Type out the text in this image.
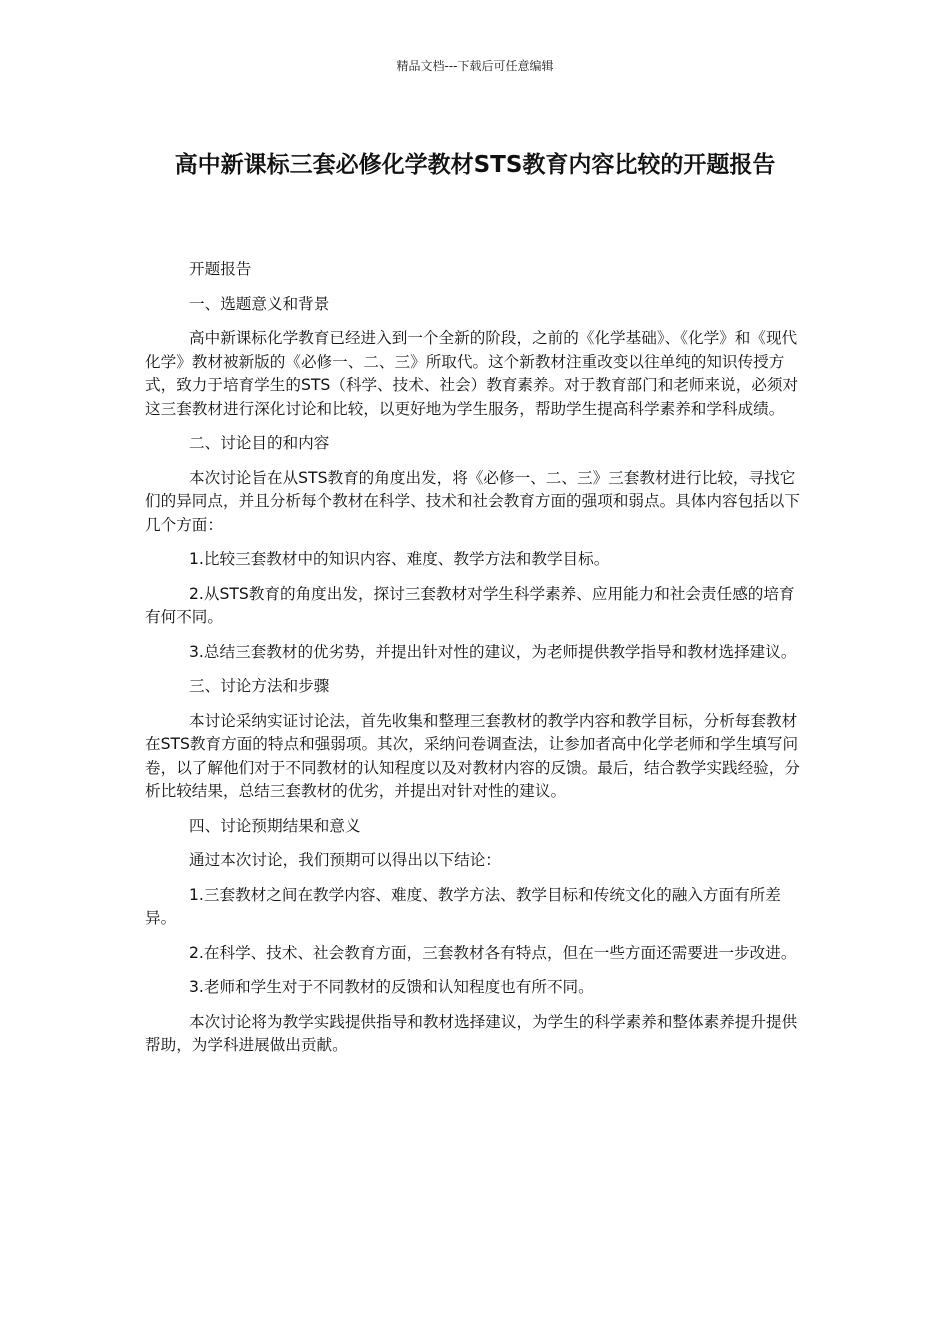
精品文档---下载后可任意编辑
高中新课标三套必修化学教材STS教育内容比较的开题报告

开题报告

一、选题意义和背景

高中新课标化学教育已经进入到一个全新的阶段，之前的《化学基础》、《化学》和《现代化学》教材被新版的《必修一、二、三》所取代。这个新教材注重改变以往单纯的知识传授方式，致力于培育学生的STS（科学、技术、社会）教育素养。对于教育部门和老师来说，必须对这三套教材进行深化讨论和比较，以更好地为学生服务，帮助学生提高科学素养和学科成绩。

二、讨论目的和内容

本次讨论旨在从STS教育的角度出发，将《必修一、二、三》三套教材进行比较，寻找它们的异同点，并且分析每个教材在科学、技术和社会教育方面的强项和弱点。具体内容包括以下几个方面：

1.比较三套教材中的知识内容、难度、教学方法和教学目标。

2.从STS教育的角度出发，探讨三套教材对学生科学素养、应用能力和社会责任感的培育有何不同。

3.总结三套教材的优劣势，并提出针对性的建议，为老师提供教学指导和教材选择建议。

三、讨论方法和步骤

本讨论采纳实证讨论法，首先收集和整理三套教材的教学内容和教学目标，分析每套教材在STS教育方面的特点和强弱项。其次，采纳问卷调查法，让参加者高中化学老师和学生填写问卷，以了解他们对于不同教材的认知程度以及对教材内容的反馈。最后，结合教学实践经验，分析比较结果，总结三套教材的优劣，并提出对针对性的建议。

四、讨论预期结果和意义

通过本次讨论，我们预期可以得出以下结论：

1.三套教材之间在教学内容、难度、教学方法、教学目标和传统文化的融入方面有所差异。

2.在科学、技术、社会教育方面，三套教材各有特点，但在一些方面还需要进一步改进。

3.老师和学生对于不同教材的反馈和认知程度也有所不同。

本次讨论将为教学实践提供指导和教材选择建议，为学生的科学素养和整体素养提升提供帮助，为学科进展做出贡献。
